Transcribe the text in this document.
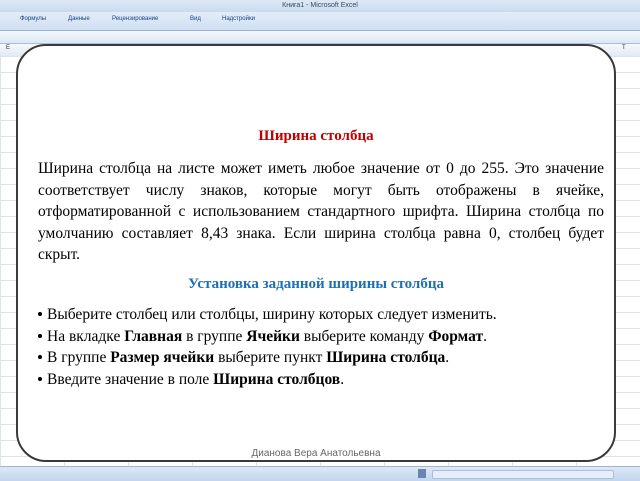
Книга1 - Microsoft Excel
Формулы	Данные	Рецензирование	Вид	Надстройки
E	T
Ширина столбца

Ширина столбца на листе может иметь любое значение от 0 до 255. Это значение соответствует числу знаков, которые могут быть отображены в ячейке, отформатированной с использованием стандартного шрифта. Ширина столбца по умолчанию составляет 8,43 знака. Если ширина столбца равна 0, столбец будет скрыт.

Установка заданной ширины столбца
Выберите столбец или столбцы, ширину которых следует изменить.
На вкладке Главная в группе Ячейки выберите команду Формат.
В группе Размер ячейки выберите пункт Ширина столбца.
Введите значение в поле Ширина столбцов.
Дианова Вера Анатольевна
